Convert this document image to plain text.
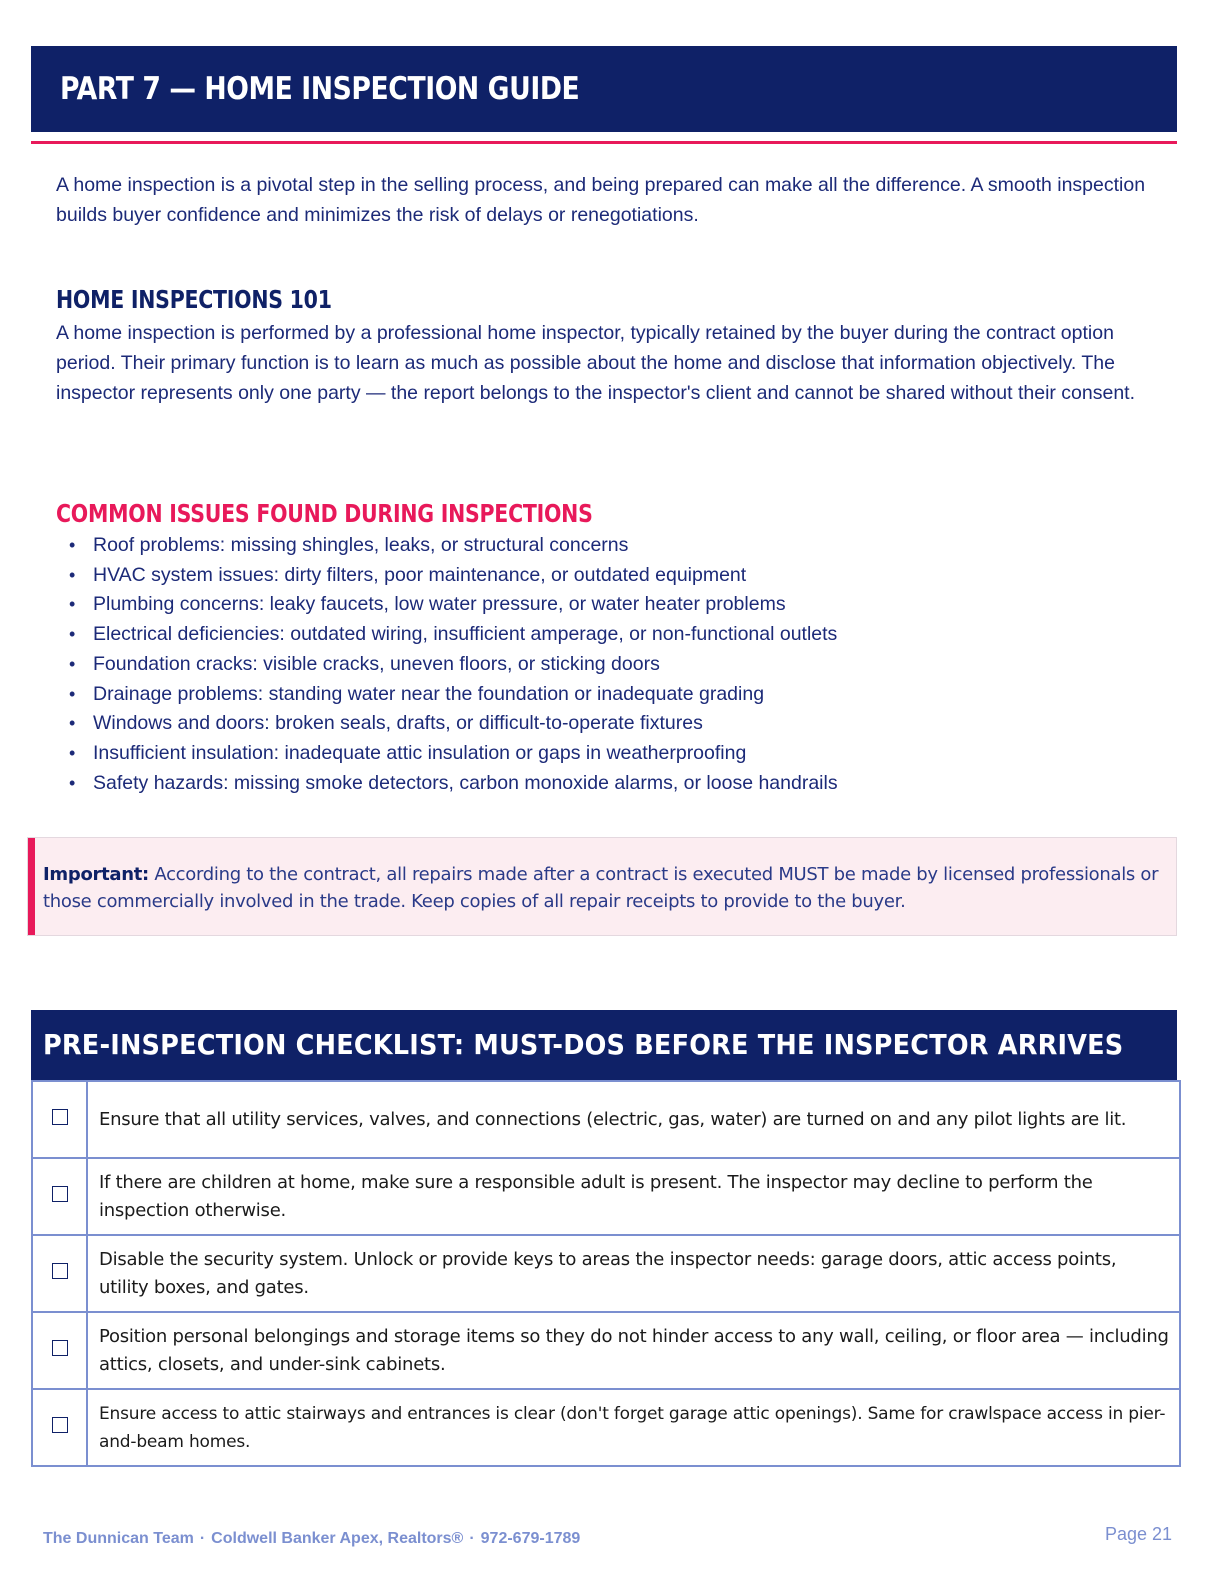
PART 7 — HOME INSPECTION GUIDE

A home inspection is a pivotal step in the selling process, and being prepared can make all the difference. A smooth inspection builds buyer confidence and minimizes the risk of delays or renegotiations.

HOME INSPECTIONS 101

A home inspection is performed by a professional home inspector, typically retained by the buyer during the contract option period. Their primary function is to learn as much as possible about the home and disclose that information objectively. The inspector represents only one party — the report belongs to the inspector's client and cannot be shared without their consent.

COMMON ISSUES FOUND DURING INSPECTIONS
• Roof problems: missing shingles, leaks, or structural concerns
• HVAC system issues: dirty filters, poor maintenance, or outdated equipment
• Plumbing concerns: leaky faucets, low water pressure, or water heater problems
• Electrical deficiencies: outdated wiring, insufficient amperage, or non-functional outlets
• Foundation cracks: visible cracks, uneven floors, or sticking doors
• Drainage problems: standing water near the foundation or inadequate grading
• Windows and doors: broken seals, drafts, or difficult-to-operate fixtures
• Insufficient insulation: inadequate attic insulation or gaps in weatherproofing
• Safety hazards: missing smoke detectors, carbon monoxide alarms, or loose handrails
Important: According to the contract, all repairs made after a contract is executed MUST be made by licensed professionals or those commercially involved in the trade. Keep copies of all repair receipts to provide to the buyer.
PRE-INSPECTION CHECKLIST: MUST-DOS BEFORE THE INSPECTOR ARRIVES
	Ensure that all utility services, valves, and connections (electric, gas, water) are turned on and any pilot lights are lit.
	If there are children at home, make sure a responsible adult is present. The inspector may decline to perform the inspection otherwise.
	Disable the security system. Unlock or provide keys to areas the inspector needs: garage doors, attic access points, utility boxes, and gates.
	Position personal belongings and storage items so they do not hinder access to any wall, ceiling, or floor area — including attics, closets, and under-sink cabinets.
	Ensure access to attic stairways and entrances is clear (don't forget garage attic openings). Same for crawlspace access in pier-and-beam homes.
The Dunnican Team · Coldwell Banker Apex, Realtors® · 972-679-1789	Page 21
